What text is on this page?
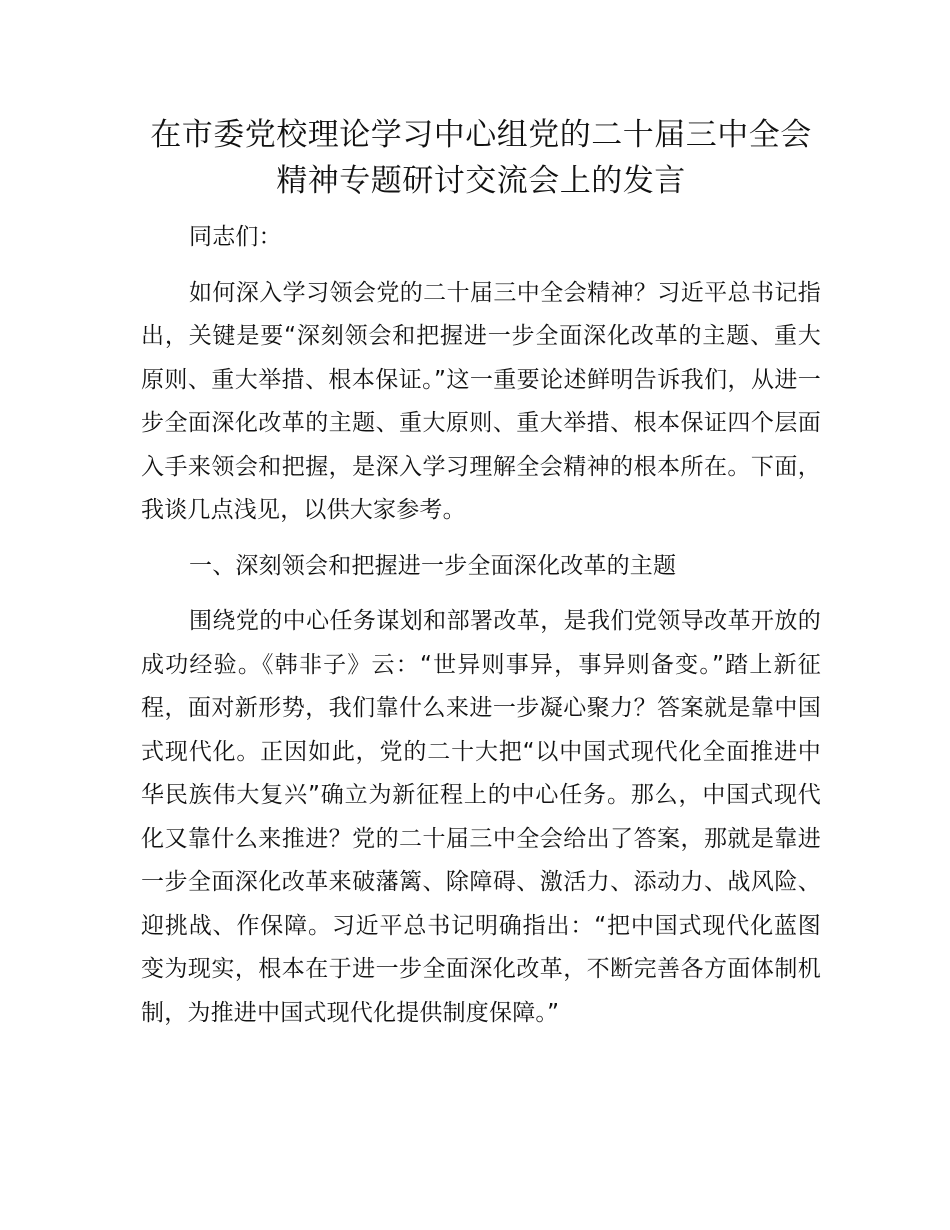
在市委党校理论学习中心组党的二十届三中全会精神专题研讨交流会上的发言

同志们：

如何深入学习领会党的二十届三中全会精神？习近平总书记指出，关键是要“深刻领会和把握进一步全面深化改革的主题、重大原则、重大举措、根本保证。”这一重要论述鲜明告诉我们，从进一步全面深化改革的主题、重大原则、重大举措、根本保证四个层面入手来领会和把握，是深入学习理解全会精神的根本所在。下面，我谈几点浅见，以供大家参考。

一、深刻领会和把握进一步全面深化改革的主题

围绕党的中心任务谋划和部署改革，是我们党领导改革开放的成功经验。《韩非子》云：“世异则事异，事异则备变。”踏上新征程，面对新形势，我们靠什么来进一步凝心聚力？答案就是靠中国式现代化。正因如此，党的二十大把“以中国式现代化全面推进中华民族伟大复兴”确立为新征程上的中心任务。那么，中国式现代化又靠什么来推进？党的二十届三中全会给出了答案，那就是靠进一步全面深化改革来破藩篱、除障碍、激活力、添动力、战风险、迎挑战、作保障。习近平总书记明确指出：“把中国式现代化蓝图变为现实，根本在于进一步全面深化改革，不断完善各方面体制机制，为推进中国式现代化提供制度保障。”
